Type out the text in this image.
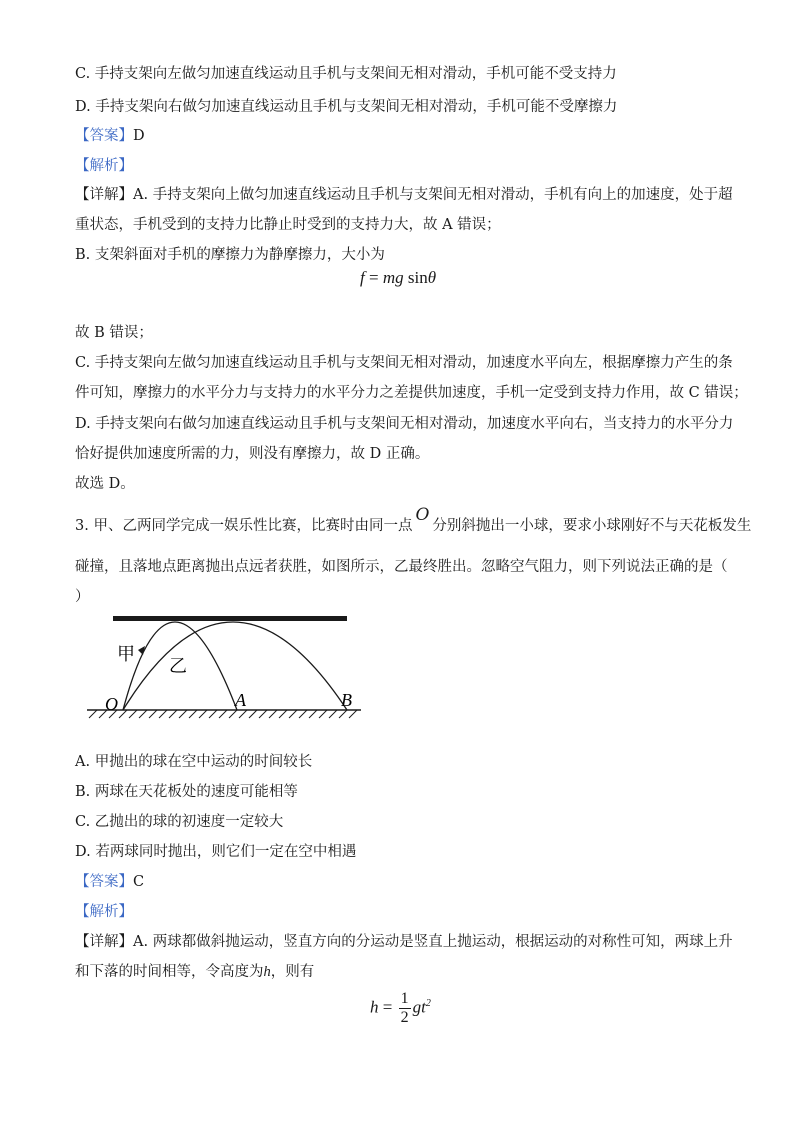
C. 手持支架向左做匀加速直线运动且手机与支架间无相对滑动，手机可能不受支持力
D. 手持支架向右做匀加速直线运动且手机与支架间无相对滑动，手机可能不受摩擦力
【答案】D
【解析】
【详解】A. 手持支架向上做匀加速直线运动且手机与支架间无相对滑动，手机有向上的加速度，处于超
重状态，手机受到的支持力比静止时受到的支持力大，故 A 错误；
B. 支架斜面对手机的摩擦力为静摩擦力，大小为
f = mg sinθ
故 B 错误；
C. 手持支架向左做匀加速直线运动且手机与支架间无相对滑动，加速度水平向左，根据摩擦力产生的条
件可知，摩擦力的水平分力与支持力的水平分力之差提供加速度，手机一定受到支持力作用，故 C 错误；
D. 手持支架向右做匀加速直线运动且手机与支架间无相对滑动，加速度水平向右，当支持力的水平分力
恰好提供加速度所需的力，则没有摩擦力，故 D 正确。
故选 D。
3. 甲、乙两同学完成一娱乐性比赛，比赛时由同一点O分别斜抛出一小球，要求小球刚好不与天花板发生
碰撞，且落地点距离抛出点远者获胜，如图所示，乙最终胜出。忽略空气阻力，则下列说法正确的是（
）
甲
乙
O	A	B
A. 甲抛出的球在空中运动的时间较长
B. 两球在天花板处的速度可能相等
C. 乙抛出的球的初速度一定较大
D. 若两球同时抛出，则它们一定在空中相遇
【答案】C
【解析】
【详解】A. 两球都做斜抛运动，竖直方向的分运动是竖直上抛运动，根据运动的对称性可知，两球上升
和下落的时间相等，令高度为h，则有
$h = \frac{1}{2} gt^2$
